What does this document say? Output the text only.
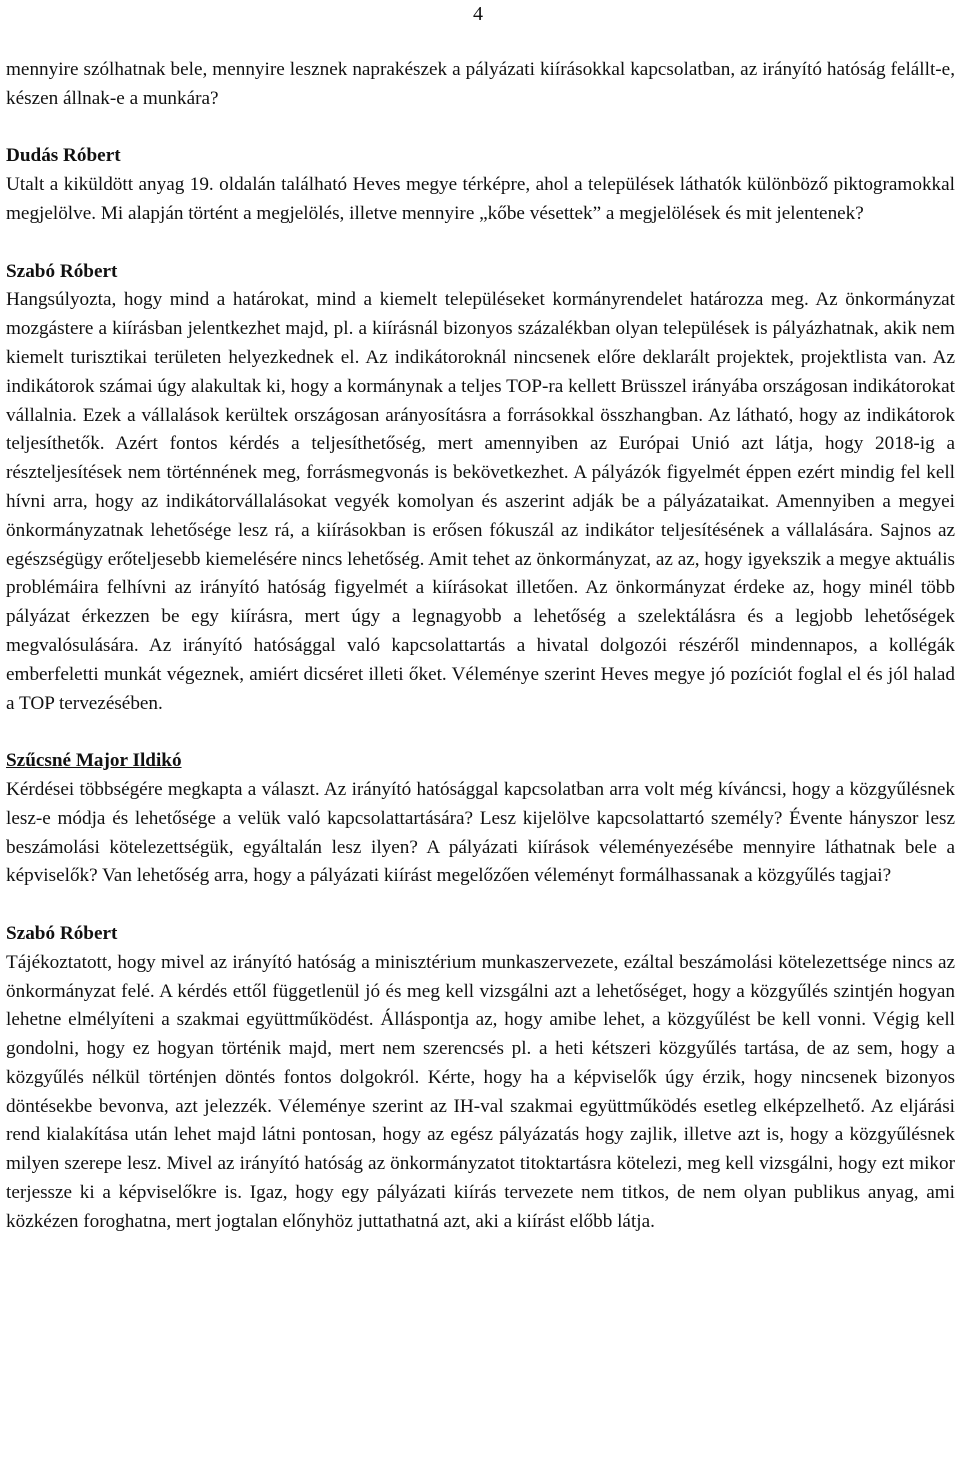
4
mennyire szólhatnak bele, mennyire lesznek naprakészek a pályázati kiírásokkal kapcsolatban, az irányító hatóság felállt-e, készen állnak-e a munkára?
Dudás Róbert
Utalt a kiküldött anyag 19. oldalán található Heves megye térképre, ahol a települések láthatók különböző piktogramokkal megjelölve. Mi alapján történt a megjelölés, illetve mennyire „kőbe vésettek” a megjelölések és mit jelentenek?
Szabó Róbert
Hangsúlyozta, hogy mind a határokat, mind a kiemelt településeket kormányrendelet határozza meg. Az önkormányzat mozgástere a kiírásban jelentkezhet majd, pl. a kiírásnál bizonyos százalékban olyan települések is pályázhatnak, akik nem kiemelt turisztikai területen helyezkednek el. Az indikátoroknál nincsenek előre deklarált projektek, projektlista van. Az indikátorok számai úgy alakultak ki, hogy a kormánynak a teljes TOP-ra kellett Brüsszel irányába országosan indikátorokat vállalnia. Ezek a vállalások kerültek országosan arányosításra a forrásokkal összhangban. Az látható, hogy az indikátorok teljesíthetők. Azért fontos kérdés a teljesíthetőség, mert amennyiben az Európai Unió azt látja, hogy 2018-ig a részteljesítések nem történnének meg, forrásmegvonás is bekövetkezhet. A pályázók figyelmét éppen ezért mindig fel kell hívni arra, hogy az indikátorvállalásokat vegyék komolyan és aszerint adják be a pályázataikat. Amennyiben a megyei önkormányzatnak lehetősége lesz rá, a kiírásokban is erősen fókuszál az indikátor teljesítésének a vállalására. Sajnos az egészségügy erőteljesebb kiemelésére nincs lehetőség. Amit tehet az önkormányzat, az az, hogy igyekszik a megye aktuális problémáira felhívni az irányító hatóság figyelmét a kiírásokat illetően. Az önkormányzat érdeke az, hogy minél több pályázat érkezzen be egy kiírásra, mert úgy a legnagyobb a lehetőség a szelektálásra és a legjobb lehetőségek megvalósulására. Az irányító hatósággal való kapcsolattartás a hivatal dolgozói részéről mindennapos, a kollégák emberfeletti munkát végeznek, amiért dicséret illeti őket. Véleménye szerint Heves megye jó pozíciót foglal el és jól halad a TOP tervezésében.
Szűcsné Major Ildikó
Kérdései többségére megkapta a választ. Az irányító hatósággal kapcsolatban arra volt még kíváncsi, hogy a közgyűlésnek lesz-e módja és lehetősége a velük való kapcsolattartására? Lesz kijelölve kapcsolattartó személy? Évente hányszor lesz beszámolási kötelezettségük, egyáltalán lesz ilyen? A pályázati kiírások véleményezésébe mennyire láthatnak bele a képviselők? Van lehetőség arra, hogy a pályázati kiírást megelőzően véleményt formálhassanak a közgyűlés tagjai?
Szabó Róbert
Tájékoztatott, hogy mivel az irányító hatóság a minisztérium munkaszervezete, ezáltal beszámolási kötelezettsége nincs az önkormányzat felé. A kérdés ettől függetlenül jó és meg kell vizsgálni azt a lehetőséget, hogy a közgyűlés szintjén hogyan lehetne elmélyíteni a szakmai együttműködést. Álláspontja az, hogy amibe lehet, a közgyűlést be kell vonni. Végig kell gondolni, hogy ez hogyan történik majd, mert nem szerencsés pl. a heti kétszeri közgyűlés tartása, de az sem, hogy a közgyűlés nélkül történjen döntés fontos dolgokról. Kérte, hogy ha a képviselők úgy érzik, hogy nincsenek bizonyos döntésekbe bevonva, azt jelezzék. Véleménye szerint az IH-val szakmai együttműködés esetleg elképzelhető. Az eljárási rend kialakítása után lehet majd látni pontosan, hogy az egész pályázatás hogy zajlik, illetve azt is, hogy a közgyűlésnek milyen szerepe lesz. Mivel az irányító hatóság az önkormányzatot titoktartásra kötelezi, meg kell vizsgálni, hogy ezt mikor terjessze ki a képviselőkre is. Igaz, hogy egy pályázati kiírás tervezete nem titkos, de nem olyan publikus anyag, ami közkézen foroghatna, mert jogtalan előnyhöz juttathatná azt, aki a kiírást előbb látja.
